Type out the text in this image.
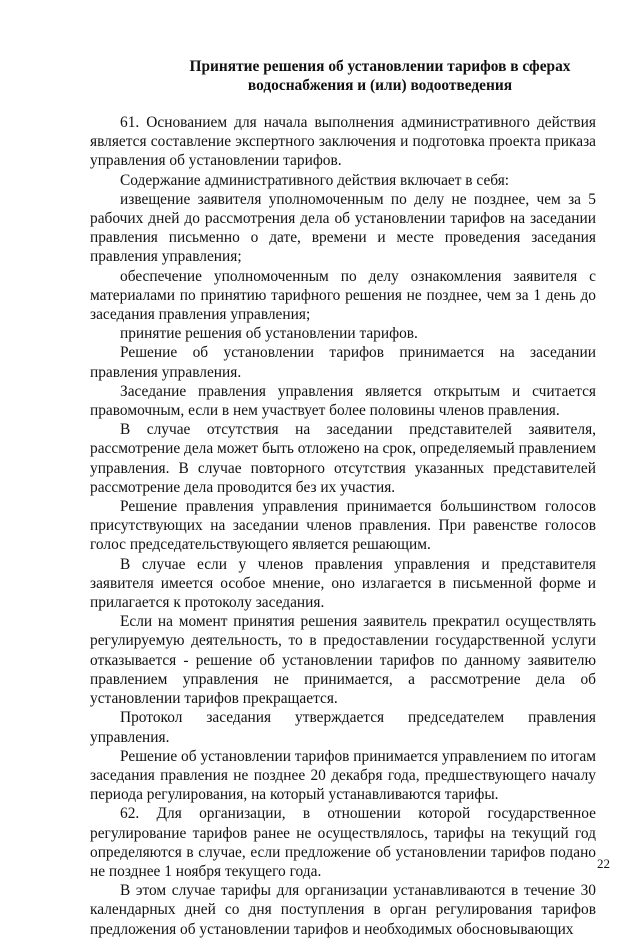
Принятие решения об установлении тарифов в сферах водоснабжения и (или) водоотведения

61. Основанием для начала выполнения административного действия является составление экспертного заключения и подготовка проекта приказа управления об установлении тарифов.

Содержание административного действия включает в себя:

извещение заявителя уполномоченным по делу не позднее, чем за 5 рабочих дней до рассмотрения дела об установлении тарифов на заседании правления письменно о дате, времени и месте проведения заседания правления управления;

обеспечение уполномоченным по делу ознакомления заявителя с материалами по принятию тарифного решения не позднее, чем за 1 день до заседания правления управления;

принятие решения об установлении тарифов.

Решение об установлении тарифов принимается на заседании правления управления.

Заседание правления управления является открытым и считается правомочным, если в нем участвует более половины членов правления.

В случае отсутствия на заседании представителей заявителя, рассмотрение дела может быть отложено на срок, определяемый правлением управления. В случае повторного отсутствия указанных представителей рассмотрение дела проводится без их участия.

Решение правления управления принимается большинством голосов присутствующих на заседании членов правления. При равенстве голосов голос председательствующего является решающим.

В случае если у членов правления управления и представителя заявителя имеется особое мнение, оно излагается в письменной форме и прилагается к протоколу заседания.

Если на момент принятия решения заявитель прекратил осуществлять регулируемую деятельность, то в предоставлении государственной услуги отказывается - решение об установлении тарифов по данному заявителю правлением управления не принимается, а рассмотрение дела об установлении тарифов прекращается.

Протокол заседания утверждается председателем правления управления.

Решение об установлении тарифов принимается управлением по итогам заседания правления не позднее 20 декабря года, предшествующего началу периода регулирования, на который устанавливаются тарифы.

62. Для организации, в отношении которой государственное регулирование тарифов ранее не осуществлялось, тарифы на текущий год определяются в случае, если предложение об установлении тарифов подано не позднее 1 ноября текущего года.

В этом случае тарифы для организации устанавливаются в течение 30 календарных дней со дня поступления в орган регулирования тарифов предложения об установлении тарифов и необходимых обосновывающих

22
